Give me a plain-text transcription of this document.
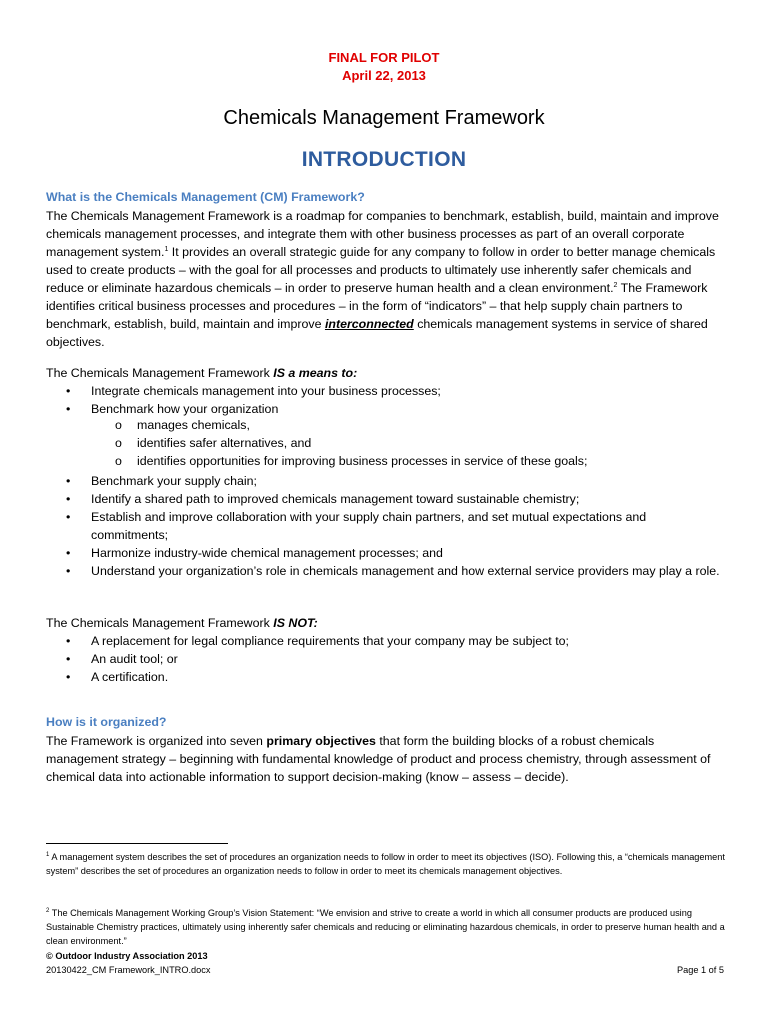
FINAL FOR PILOT
April 22, 2013
Chemicals Management Framework
INTRODUCTION
What is the Chemicals Management (CM) Framework?
The Chemicals Management Framework is a roadmap for companies to benchmark, establish, build, maintain and improve chemicals management processes, and integrate them with other business processes as part of an overall corporate management system.$^1$ It provides an overall strategic guide for any company to follow in order to better manage chemicals used to create products – with the goal for all processes and products to ultimately use inherently safer chemicals and reduce or eliminate hazardous chemicals – in order to preserve human health and a clean environment.$^2$ The Framework identifies critical business processes and procedures – in the form of “indicators” – that help supply chain partners to benchmark, establish, build, maintain and improve interconnected chemicals management systems in service of shared objectives.
The Chemicals Management Framework IS a means to:
• Integrate chemicals management into your business processes;
• Benchmark how your organization
o manages chemicals,
o identifies safer alternatives, and
o identifies opportunities for improving business processes in service of these goals;
• Benchmark your supply chain;
• Identify a shared path to improved chemicals management toward sustainable chemistry;
• Establish and improve collaboration with your supply chain partners, and set mutual expectations and commitments;
• Harmonize industry-wide chemical management processes; and
• Understand your organization’s role in chemicals management and how external service providers may play a role.
The Chemicals Management Framework IS NOT:
• A replacement for legal compliance requirements that your company may be subject to;
• An audit tool; or
• A certification.
How is it organized?
The Framework is organized into seven primary objectives that form the building blocks of a robust chemicals management strategy – beginning with fundamental knowledge of product and process chemistry, through assessment of chemical data into actionable information to support decision-making (know – assess – decide).
$^1$ A management system describes the set of procedures an organization needs to follow in order to meet its objectives (ISO). Following this, a “chemicals management system” describes the set of procedures an organization needs to follow in order to meet its chemicals management objectives.
$^2$ The Chemicals Management Working Group’s Vision Statement: “We envision and strive to create a world in which all consumer products are produced using Sustainable Chemistry practices, ultimately using inherently safer chemicals and reducing or eliminating hazardous chemicals, in order to preserve human health and a clean environment.”
© Outdoor Industry Association 2013
20130422_CM Framework_INTRO.docx	Page 1 of 5
